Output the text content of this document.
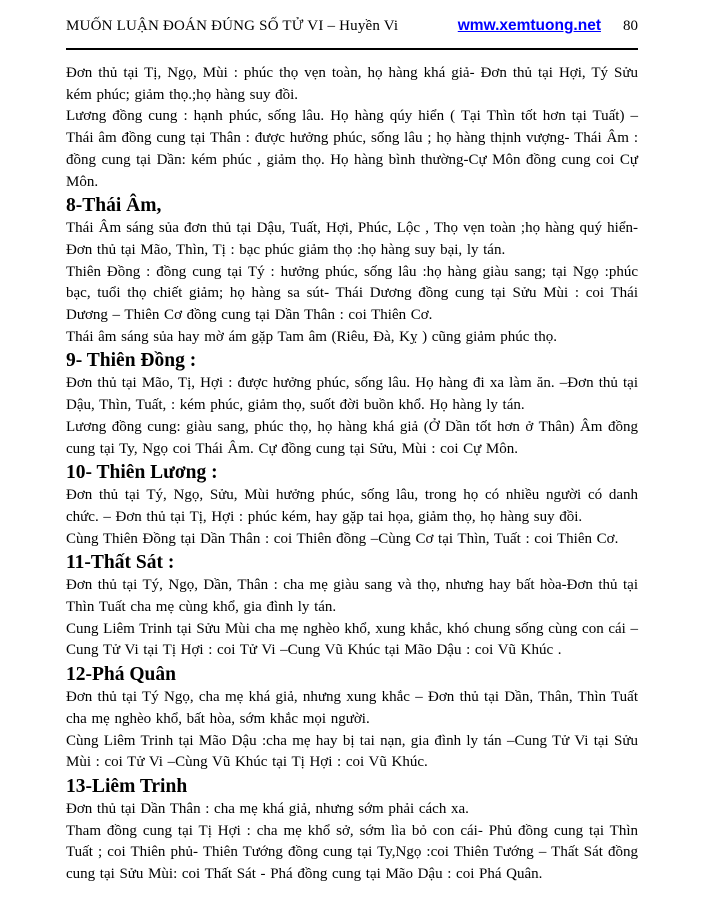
MUỐN LUẬN ĐOÁN ĐÚNG SỐ TỬ VI – Huyền Vi	wmw.xemtuong.net 80

Đơn thủ tại Tị, Ngọ, Mùi : phúc thọ vẹn toàn, họ hàng khá giả- Đơn thủ tại Hợi, Tý Sửu kém phúc; giảm thọ.;họ hàng suy đồi.

Lương đồng cung : hạnh phúc, sống lâu. Họ hàng qúy hiển ( Tại Thìn tốt hơn tại Tuất) –Thái âm đồng cung tại Thân : được hưởng phúc, sống lâu ; họ hàng thịnh vượng- Thái Âm : đồng cung tại Dần: kém phúc , giảm thọ. Họ hàng bình thường-Cự Môn đồng cung coi Cự Môn.

8-Thái Âm,

Thái Âm sáng sủa đơn thủ tại Dậu, Tuất, Hợi, Phúc, Lộc , Thọ vẹn toàn ;họ hàng quý hiển- Đơn thủ tại Mão, Thìn, Tị : bạc phúc giảm thọ :họ hàng suy bại, ly tán.

Thiên Đồng : đồng cung tại Tý : hưởng phúc, sống lâu :họ hàng giàu sang; tại Ngọ :phúc bạc, tuổi thọ chiết giảm; họ hàng sa sút- Thái Dương đồng cung tại Sửu Mùi : coi Thái Dương – Thiên Cơ đồng cung tại Dần Thân : coi Thiên Cơ.

Thái âm sáng sủa hay mờ ám gặp Tam âm (Riêu, Đà, Kỵ ) cũng giảm phúc thọ.

9- Thiên Đồng :

Đơn thủ tại Mão, Tị, Hợi : được hưởng phúc, sống lâu. Họ hàng đi xa làm ăn. –Đơn thủ tại Dậu, Thìn, Tuất, : kém phúc, giảm thọ, suốt đời buồn khổ. Họ hàng ly tán.

Lương đồng cung: giàu sang, phúc thọ, họ hàng khá giả (Ở Dần tốt hơn ở Thân) Âm đồng cung tại Ty, Ngọ coi Thái Âm. Cự đồng cung tại Sửu, Mùi : coi Cự Môn.

10- Thiên Lương :

Đơn thủ tại Tý, Ngọ, Sửu, Mùi hưởng phúc, sống lâu, trong họ có nhiều người có danh chức. – Đơn thủ tại Tị, Hợi : phúc kém, hay gặp tai họa, giảm thọ, họ hàng suy đồi.

Cùng Thiên Đồng tại Dần Thân : coi Thiên đồng –Cùng Cơ tại Thìn, Tuất : coi Thiên Cơ.

11-Thất Sát :

Đơn thủ tại Tý, Ngọ, Dần, Thân : cha mẹ giàu sang và thọ, nhưng hay bất hòa-Đơn thủ tại Thìn Tuất cha mẹ cùng khổ, gia đình ly tán.

Cung Liêm Trinh tại Sửu Mùi cha mẹ nghèo khổ, xung khắc, khó chung sống cùng con cái – Cung Tử Vi tại Tị Hợi : coi Tử Vi –Cung Vũ Khúc tại Mão Dậu : coi Vũ Khúc .

12-Phá Quân

Đơn thủ tại Tý Ngọ, cha mẹ khá giả, nhưng xung khắc – Đơn thủ tại Dần, Thân, Thìn Tuất cha mẹ nghèo khổ, bất hòa, sớm khắc mọi người.

Cùng Liêm Trinh tại Mão Dậu :cha mẹ hay bị tai nạn, gia đình ly tán –Cung Tử Vi tại Sửu Mùi : coi Tử Vi –Cùng Vũ Khúc tại Tị Hợi : coi Vũ Khúc.

13-Liêm Trinh

Đơn thủ tại Dần Thân : cha mẹ khá giả, nhưng sớm phải cách xa.

Tham đồng cung tại Tị Hợi : cha mẹ khổ sở, sớm lìa bỏ con cái- Phủ đồng cung tại Thìn Tuất ; coi Thiên phủ- Thiên Tướng đồng cung tại Ty,Ngọ :coi Thiên Tướng – Thất Sát đồng cung tại Sửu Mùi: coi Thất Sát - Phá đồng cung tại Mão Dậu : coi Phá Quân.
